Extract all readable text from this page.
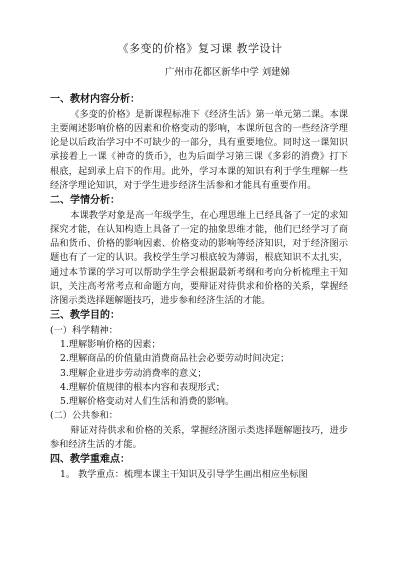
《多变的价格》复习课 教学设计
广州市花都区新华中学 刘建娣

一、教材内容分析：

《多变的价格》是新课程标准下《经济生活》第一单元第二课。本课主要阐述影响价格的因素和价格变动的影响，本课所包含的一些经济学理论是以后政治学习中不可缺少的一部分，具有重要地位。同时这一课知识承接着上一课《神奇的货币》，也为后面学习第三课《多彩的消费》打下根底，起到承上启下的作用。此外，学习本课的知识有利于学生理解一些经济学理论知识，对于学生进步经济生活参和才能具有重要作用。

二、学情分析：

本课教学对象是高一年级学生，在心理思维上已经具备了一定的求知探究才能，在认知构造上具备了一定的抽象思维才能，他们已经学习了商品和货币、价格的影响因素、价格变动的影响等经济知识，对于经济图示题也有了一定的认识。我校学生学习根底较为薄弱，根底知识不太扎实，通过本节课的学习可以帮助学生学会根据最新考纲和考向分析梳理主干知识，关注高考常考点和命题方向，要辩证对待供求和价格的关系，掌握经济图示类选择题解题技巧，进步参和经济生活的才能。

三、教学目的：

(一）科学精神：

1.理解影响价格的因素；

2.理解商品的价值量由消费商品社会必要劳动时间决定；

3.理解企业进步劳动消费率的意义；

4.理解价值规律的根本内容和表现形式；

5.理解价格变动对人们生活和消费的影响。

(二）公共参和：

辩证对待供求和价格的关系，掌握经济图示类选择题解题技巧，进步参和经济生活的才能。

四、教学重难点：

1。 教学重点：梳理本课主干知识及引导学生画出相应坐标图
